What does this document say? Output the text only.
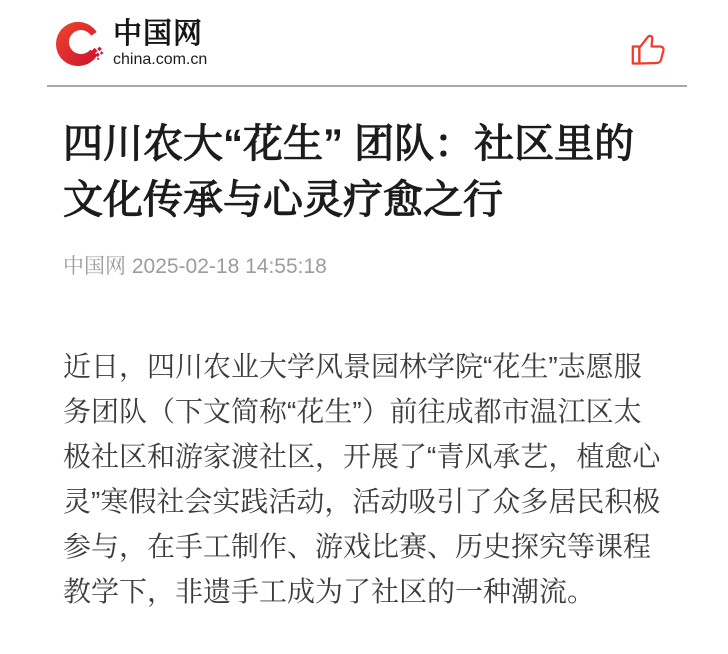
中国网
china.com.cn
四川农大“花生” 团队：社区里的文化传承与心灵疗愈之行
中国网 2025-02-18 14:55:18

近日，四川农业大学风景园林学院“花生”志愿服务团队（下文简称“花生”）前往成都市温江区太极社区和游家渡社区，开展了“青风承艺，植愈心灵”寒假社会实践活动，活动吸引了众多居民积极参与，在手工制作、游戏比赛、历史探究等课程教学下，非遗手工成为了社区的一种潮流。
